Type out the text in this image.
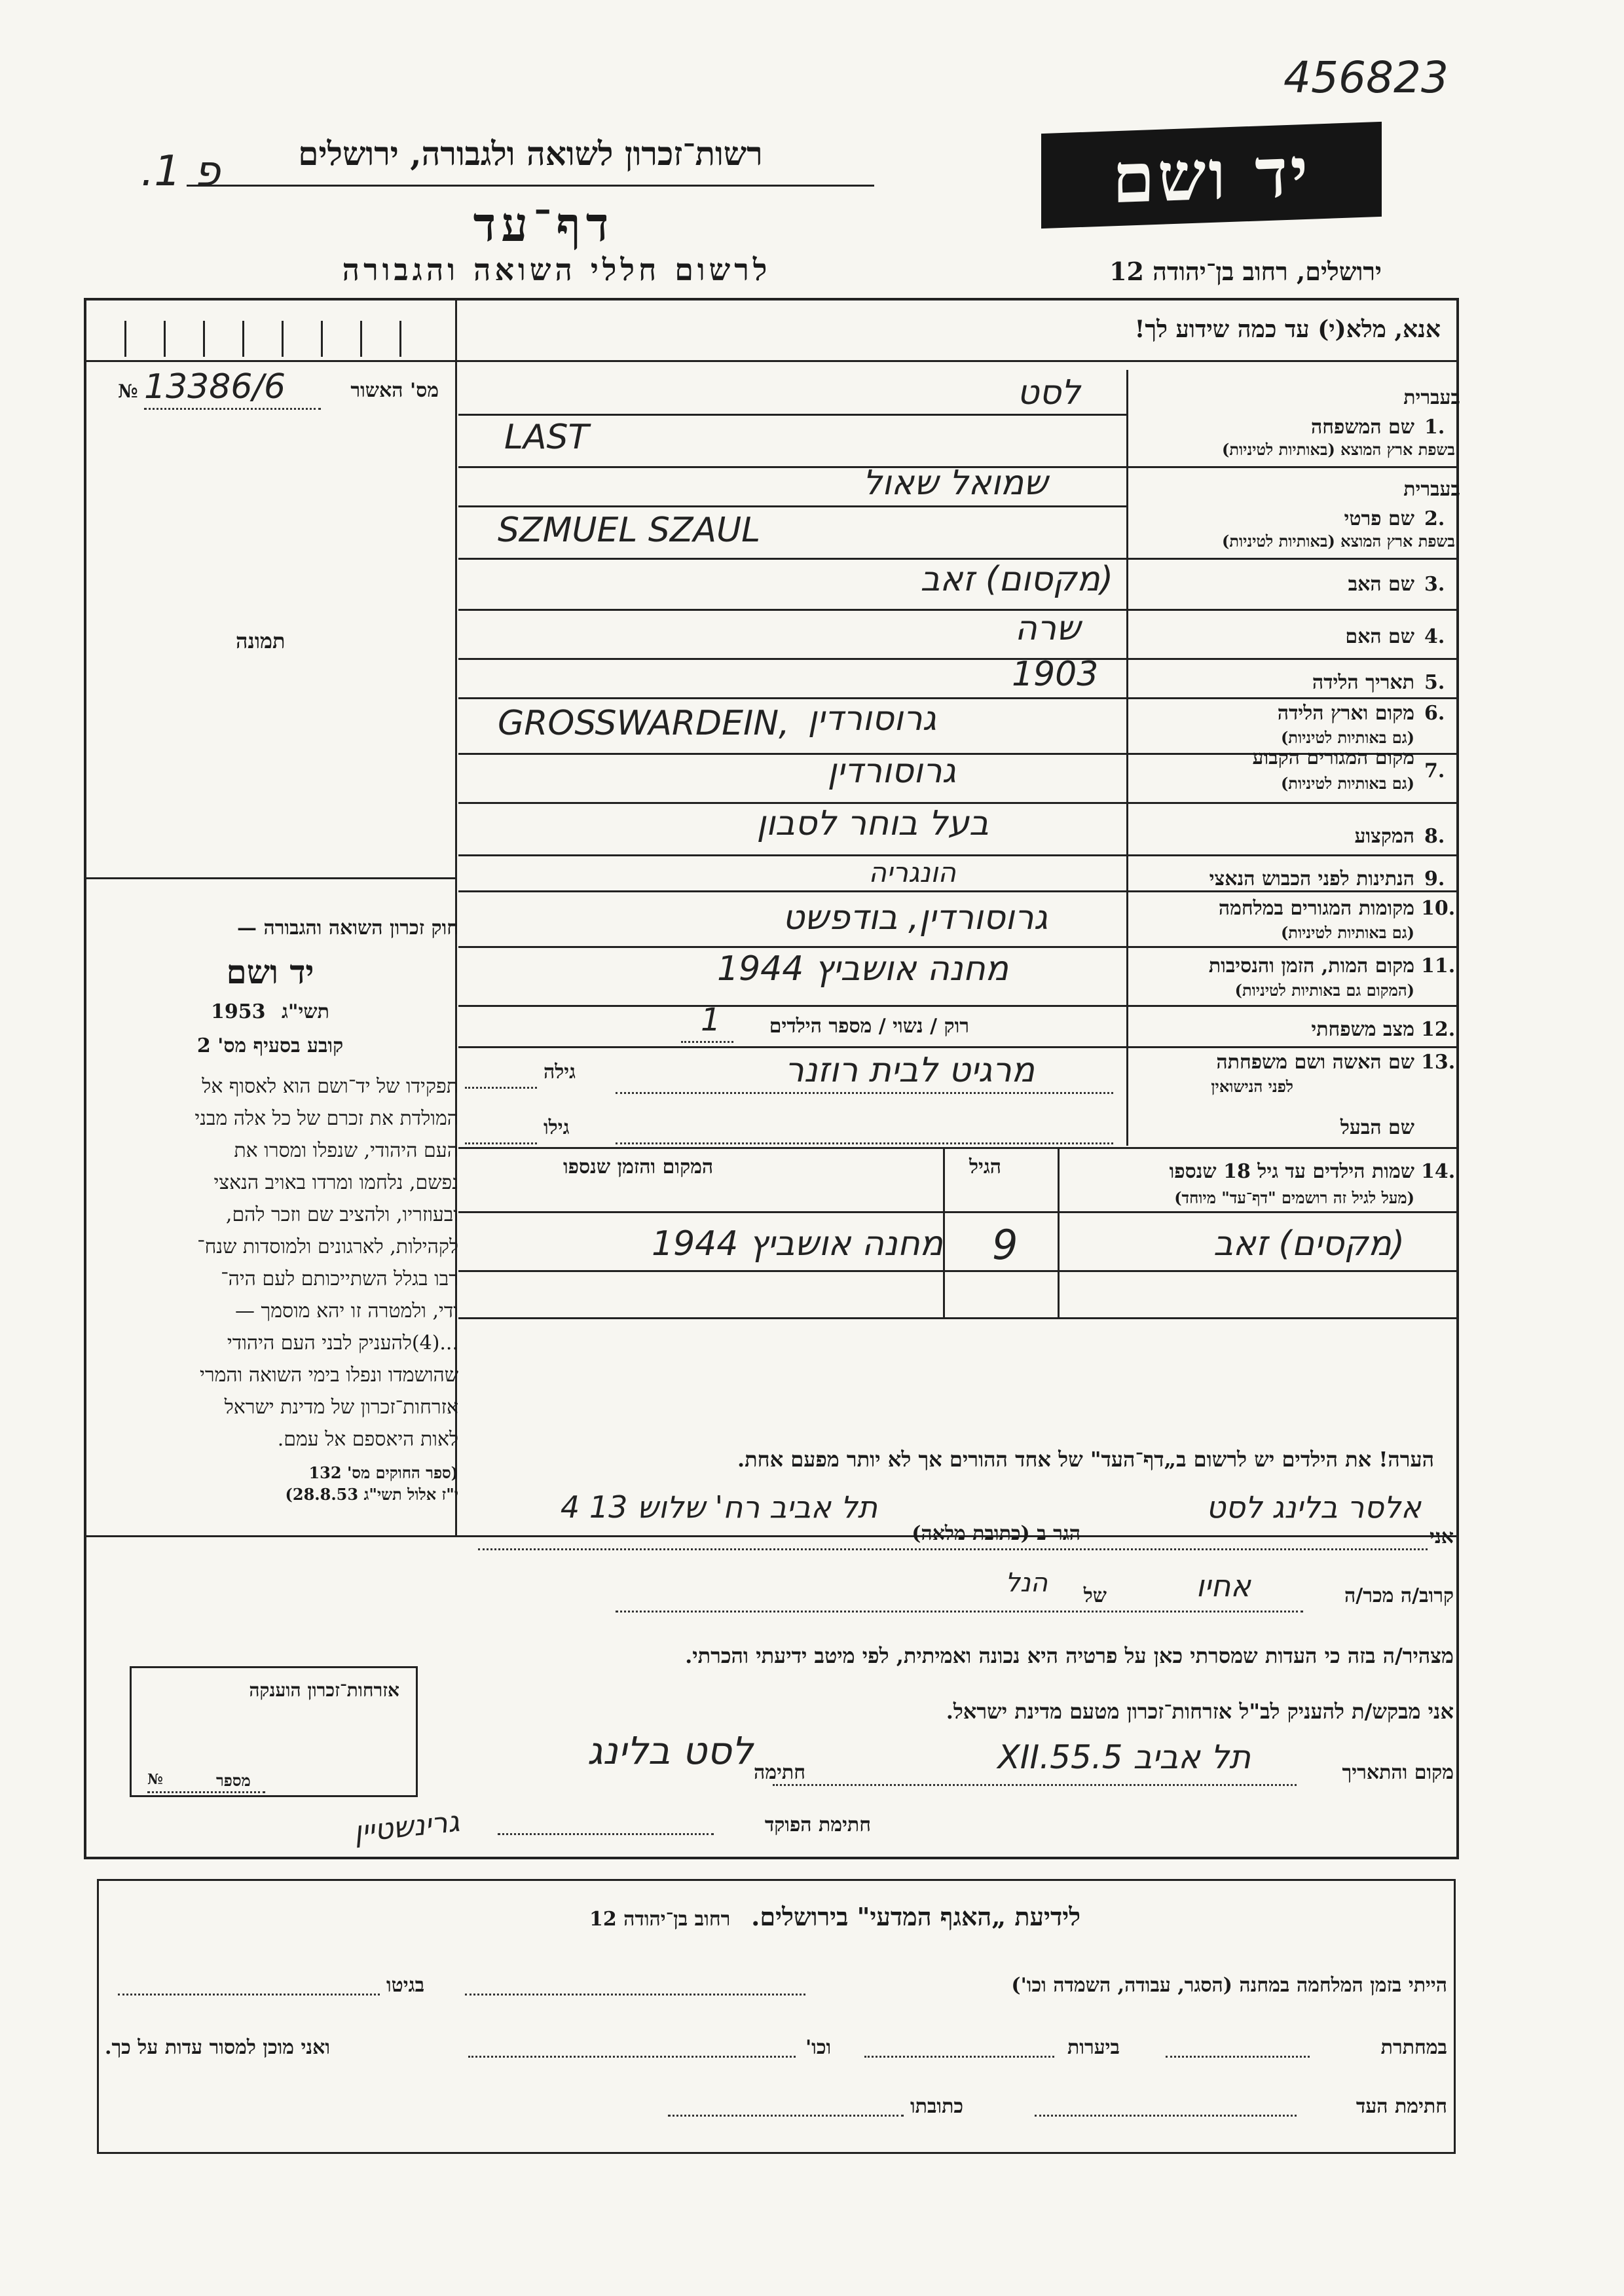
456823
פ 1.	רשות־זכרון לשואה ולגבורה, ירושלים
דף־עד
לרשום חללי השואה והגבורה
יד ושם
ירושלים, רחוב בן־יהודה 12
אנא, מלא(י) עד כמה שידוע לך!
מס' האשור
13386/6
№
תמונה
חוק זכרון השואה והגבורה —
יד ושם
תשי"ג 1953
קובע בסעיף מס' 2
תפקידו של יד־ושם הוא לאסוף אל
המולדת את זכרם של כל אלה מבני
העם היהודי, שנפלו ומסרו את
נפשם, נלחמו ומרדו באויב הנאצי
ובעוזריו, ולהציב שם וזכר להם,
לקהילות, לארגונים ולמוסדות שנח־
רבו בגלל השתייכותם לעם היה־
ודי, ולמטרה זו יהא מוסמך —
...(4)להעניק לבני העם היהודי
שהושמדו ונפלו בימי השואה והמרי
אזרחות־זכרון של מדינת ישראל
לאות היאספם אל עמם.
(ספר החוקים מס' 132
י"ז אלול תשי"ג 28.8.53)
1.
שם המשפחה
בעברית
בשפת ארץ המוצא (באותיות לטיניות)
לסט
LAST
2.
שם פרטי
בעברית
בשפת ארץ המוצא (באותיות לטיניות)
שמואל שאול
SZMUEL SZAUL
3.
שם האב
(מקסום) זאב
4.
שם האם
שרה
5.
תאריך הלידה
1903
6.
מקום וארץ הלידה
(גם באותיות לטיניות)
GROSSWARDEIN, גרוסורדין
7.
מקום המגורים הקבוע
(גם באותיות לטיניות)
גרוסורדין
8.
המקצוע
בעל בוחר לסבון
9.
הנתינות לפני הכבוש הנאצי
הונגריה
10.
מקומות המגורים במלחמה
(גם באותיות לטיניות)
גרוסורדין, בודפשט
11.
מקום המות, הזמן והנסיבות
(המקום גם באותיות לטיניות)
מחנה אושביץ 1944
12.
מצב משפחתי
רוק / נשוי / מספר הילדים
1
13.
שם האשה ושם משפחתה
לפני הנישואין
מרגיט לבית רוזנר
גילה
שם הבעל
גילו
14.
שמות הילדים עד גיל 18 שנספו
(מעל לגיל זה רושמים "דף־עד" מיוחד)
הגיל
המקום והזמן שנספו
(מקסים) זאב
9
מחנה אושביץ 1944
הערה! את הילדים יש לרשום ב„דף־העד" של אחד ההורים אך לא יותר מפעם אחת.
אני
אלסר בלינג לסט
הגר ב (כתובת מלאה)
תל אביב רח' שלוש 13 4
קרוב/ה מכר/ה
אחיו
של
הנל
מצהיר/ה בזה כי העדות שמסרתי כאן על פרטיה היא נכונה ואמיתית, לפי מיטב ידיעתי והכרתי.
אני מבקש/ת להעניק לב"ל אזרחות־זכרון מטעם מדינת ישראל.
מקום והתאריך
תל אביב 5.XII.55
חתימה
לסט בלינג
חתימת הפוקד
גרינשטיין
אזרחות־זכרון הוענקה
מספר
№
לידיעת „האגף המדעי" בירושלים. רחוב בן־יהודה 12
הייתי בזמן המלחמה במחנה (הסגר, עבודה, השמדה וכו')
בגיטו
במחתרת
ביערות
וכו'
ואני מוכן למסור עדות על כך.
חתימת העד
כתובתו
